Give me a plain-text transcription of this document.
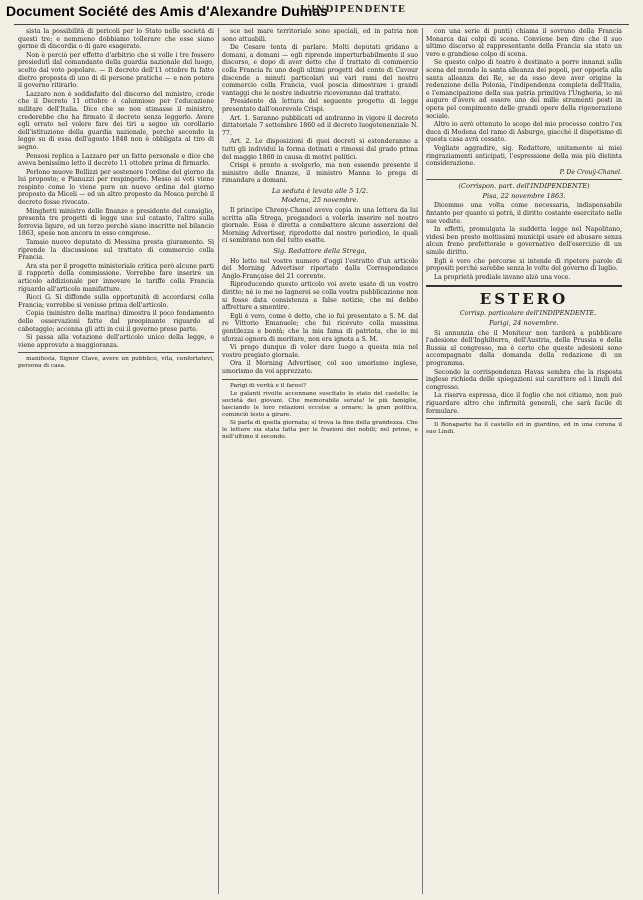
Document Société des Amis d'Alexandre Dumas
L'INDIPENDENTE

sista la possibilità di pericoli per lo Stato nelle società di questi tre; e nemmeno dobbiamo tollerare che esse siano germe di discordia o di gare esagerate.

Non è perciò per effetto d'arbitrio che si volle i tre fossero presieduti dal comandante della guardia nazionale del luogo, scelto dal voto popolare. — Il decreto dell'11 ottobre fu fatto dietro proposta di uno di di persone pratiche — e non potere il governo ritirarlo.

Lazzaro non è soddisfatto del discorso del ministro, crede che il Decreto 11 ottobre è calunnioso per l'educazione militare dell'Italia. Dice che se non stimasse il ministro, crederebbe che ha firmato il decreto senza leggerlo. Avere egli errato nel volere fare dei tiri a segno un corollario dell'istituzione della guardia nazionale, perchè secondo la legge su di essa dell'agosto 1848 non è obbligata al tiro di segno.

Pensosi replica a Lazzaro per un fatto personale e dice che aveva benissimo letto il decreto 11 ottobre prima di firmarlo.

Perlono muove Bellizzi per sostenere l'ordine del giorno da lui proposto; e Pianuzzi per respingerlo. Messo ai voti viene respinto come lo viene pure un nuovo ordine del giorno proposto da Miceli — ed un altro proposto da Mosca perchè il decreto fosse rivocato.

Minghetti ministro delle finanze e presidente del consiglio, presenta tre progetti di legge uno sul catasto, l'altro sulla ferrovia ligure, ed un terzo perchè siano inscritte nel bilancio 1863, spese non ancora in esso comprese.

Tamaio nuovo deputato di Messina presta giuramento. Si riprende la discussione sul trattato di commercio colla Francia.

Ara sta per il progetto ministeriale critica però alcune parti il rapporto della commissione. Vorrebbe fare inserire un articolo addizionale per innovare le tariffe colla Francia riguardo all'articolo manifatture.

Ricci G. Si diffonde sulla opportunità di accordarsi colla Francia; vorrebbe si venisse prima dell'articolo.

Copia (ministro della marina) dimostra il poco fondamento delle osservazioni fatte dal preopinante riguardo al cabotaggio; accenna gli atti in cui il governo prese parte.

Si passa alla votazione dell'articolo unico della legge, e viene approvato a maggioranza.

manifesta, Signor Clave, avere un pubblico, vita, confortatevi, persona di casa.

sce nel mare territoriale sono speciali, ed in patria non sono attuabili.

De Cesare tenta di parlare. Molti deputati gridano a domani, a domani — egli riprende imperturbabilmente il suo discorso, e dopo di aver detto che il trattato di commercio colla Francia fu uno degli ultimi progetti del conte di Cavour discende a minuti particolari sui vari rami del nostro commercio colla Francia, vuol poscia dimostrare i grandi vantaggi che le nostre industrie riceveranno dal trattato.

Presidente dà lettura del seguente progetto di legge presentato dall'onorevole Crispi.

Art. 1. Saranno pubblicati ed andranno in vigore il decreto dittatoriale 7 settembre 1860 ed il decreto luogotenenziale N. 77.

Art. 2. Le disposizioni di quei decreti si estenderanno a tutti gli individui la forma dotinati e rimossi dal grado prima del maggio 1860 in causa di motivi politici.

Crispi è pronto a svolgerlo, ma non essendo presente il ministro delle finanze, il ministro Manna lo prega di rimandare a domani.

La seduta è levata alle 5 1/2.

Modena, 25 novembre.

Il principe Chreny-Chanel aveva copia in una lettera da lui scritta alla Strega, pregandoci a volerla inserire nel nostro giornale. Essa è diretta a combattere alcune asserzioni del Morning Advertiser, riprodotte dal nostro periodico, le quali ci sembrano non del tutto esatte.

Sig. Redattore della Strega,

Ho letto nel vostro numero d'oggi l'estratto d'un articolo del Morning Advertiser riportato dalla Correspondance Anglo-Française del 21 corrente.

Riproducendo questo articolo voi avete usato di un vostro diritto; nè io me ne lagnerei se colla vostra pubblicazione non si fosse data consistenza a false notizie, che mi debbo affrettare a smentire.

Egli è vero, come è detto, che io fui presentato a S. M. dal re Vittorio Emanuele; che fui ricevuto colla massima gentilezza e bontà; che la mia fama di patriota, che io mi sforzai ognora di meritare, non era ignota a S. M.

Vi prego dunque di voler dare luogo a questa mia nel vostro pregiato giornale.

Ora il Morning Advertiser, col suo umorismo inglese, umorismo da voi apprezzato.

Parigi di verità e il faresi?

Le galanti rivolte accennano suscitato lo stato del castello; la società dei giovani. Che memorabile serata! le più famiglie, lasciando le loro relazioni eccelse a ornare; la gran politica, cominciò lesto a girare.

Si parla di quella giornata; si trova la fine della grandezza. Che le letture sia stata fatta per le frazioni dei nobili; nel primo, e nell'ultimo il secondo.

con una serie di punti) chiama il sovrano della Francia Monarca dai colpi di scena. Conviene ben dire che il suo ultimo discorso al rappresentante della Francia sia stato un vero e grandioso colpo di scena.

Se questo colpo di teatro è destinato a porre innanzi sulla scena del mondo la santa alleanza dei popoli, per opporla alla santa alleanza dei Re, se da esso deve aver origine la redenzione della Polonia, l'indipendenza completa dell'Italia, e l'emancipazione della sua patria primitiva l'Ungheria, io mi auguro d'avere ad essere uno dei mille strumenti posti in opera pel compimento delle grandi opere della rigenerazione sociale.

Altro io avrò ottenuto lo scopo del mio processo contro l'ex duca di Modena del ramo di Asburgo, giacchè il dispotismo di questa casa avrà cessato.

Vogliate aggradire, sig. Redattore, unitamente ai miei ringraziamenti anticipati, l'espressione della mia più distinta considerazione.

P. De Crouÿ-Chanel.

(Corrispon. part. dell'INDIPENDENTE)

Pisa, 22 novembre 1863.

Dicemmo una volta come necessaria, indispensabile fintanto per quanto si potrà, il diritto costante esercitato nelle sue vedute.

In effetti, promulgata la suddetta legge nel Napolitano, videsi ben presto moltissimi municipi usare ed abusare senza alcun freno prefettorale e governativo dell'esercizio di un simile diritto.

Egli è vero che percorse si intende di ripetere parole di propositi perchè sarebbe senza le volte del governo di luglio.

La proprietà prediale invano alzò una voce.

ESTERO

Corrisp. particolare dell'INDIPENDENTE.

Parigi, 24 novembre.

Si annunzia che il Moniteur non tarderà a pubblicare l'adesione dell'Inghilterra, dell'Austria, della Prussia e della Russia al congresso, ma è certo che queste adesioni sono accompagnate dalla domanda della redazione di un programma.

Secondo la corrispondenza Havas sembra che la risposta inglese richieda delle spiegazioni sul carattere ed i limiti del congresso.

La riserva espressa, dice il foglio che noi citiamo, non può riguardare altro che infirmità generali, che sarà facile di formulare.

Il Bonaparte ha il castello ed in giardino, ed in una corona il suo Lindi.
